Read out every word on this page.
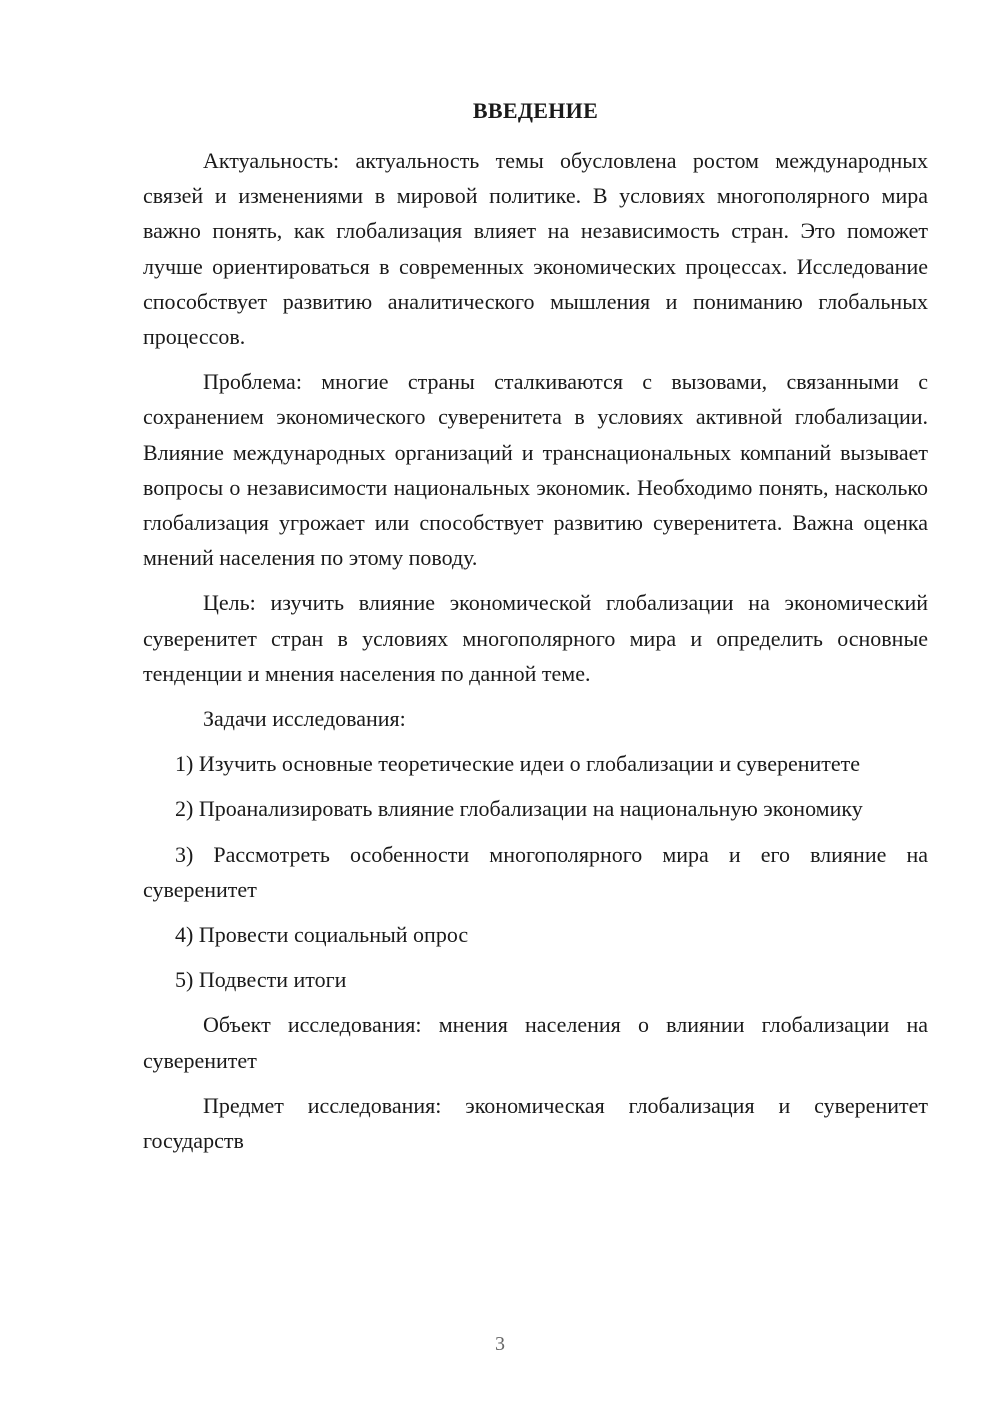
ВВЕДЕНИЕ

Актуальность: актуальность темы обусловлена ростом международных связей и изменениями в мировой политике. В условиях многополярного мира важно понять, как глобализация влияет на независимость стран. Это поможет лучше ориентироваться в современных экономических процессах. Исследование способствует развитию аналитического мышления и пониманию глобальных процессов.

Проблема: многие страны сталкиваются с вызовами, связанными с сохранением экономического суверенитета в условиях активной глобализации. Влияние международных организаций и транснациональных компаний вызывает вопросы о независимости национальных экономик. Необходимо понять, насколько глобализация угрожает или способствует развитию суверенитета. Важна оценка мнений населения по этому поводу.

Цель: изучить влияние экономической глобализации на экономический суверенитет стран в условиях многополярного мира и определить основные тенденции и мнения населения по данной теме.

Задачи исследования:

1) Изучить основные теоретические идеи о глобализации и суверенитете

2) Проанализировать влияние глобализации на национальную экономику

3) Рассмотреть особенности многополярного мира и его влияние на суверенитет

4) Провести социальный опрос

5) Подвести итоги

Объект исследования: мнения населения о влиянии глобализации на суверенитет

Предмет исследования: экономическая глобализация и суверенитет государств

3
